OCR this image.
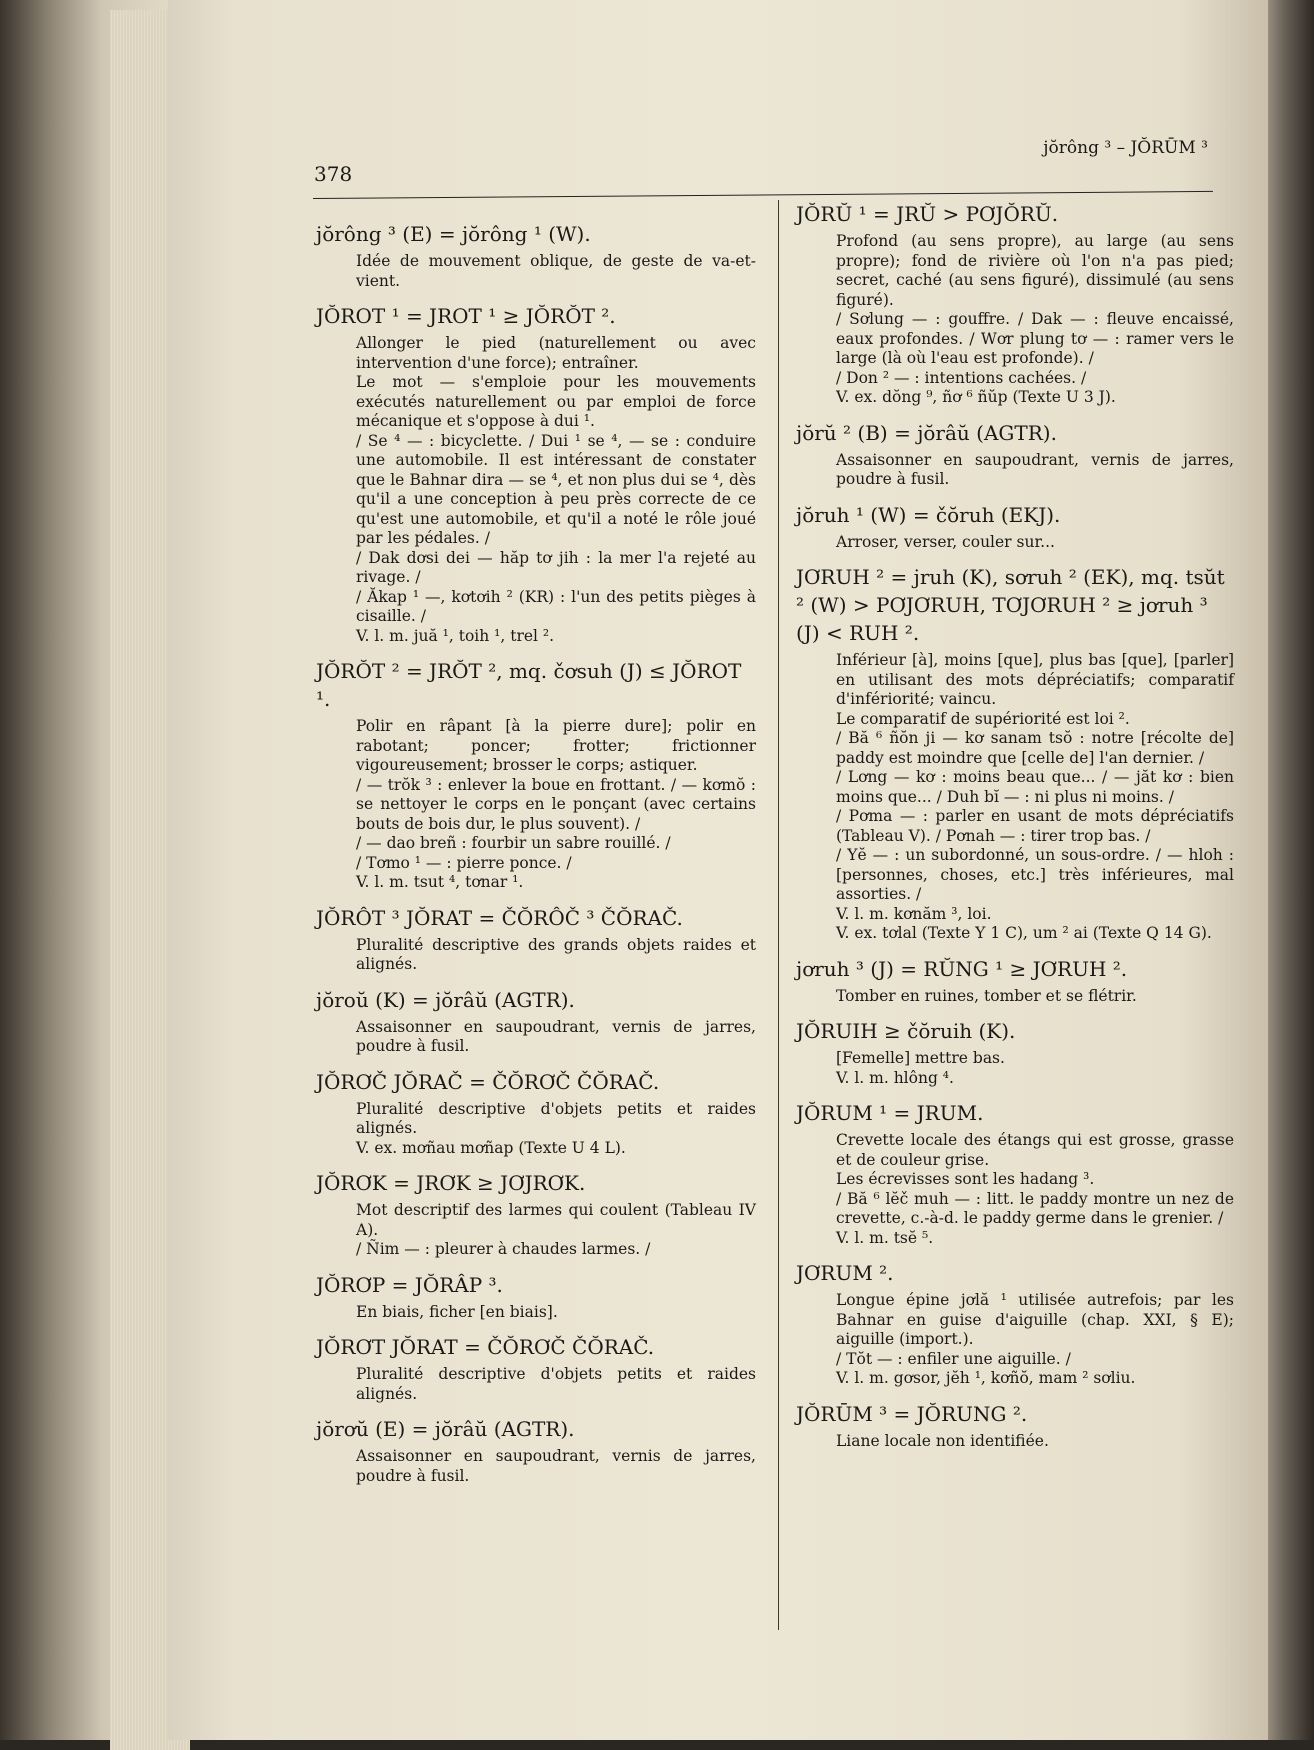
jŏrông ³ – JŎRŪM ³
378
jŏrông ³ (E) = jŏrông ¹ (W).
Idée de mouvement oblique, de geste de va-et-vient.
JŎROT ¹ = JROT ¹ ≥ JŎRŎT ².
Allonger le pied (naturellement ou avec intervention d'une force); entraîner.
Le mot — s'emploie pour les mouvements exécutés naturellement ou par emploi de force mécanique et s'oppose à dui ¹.
/ Se ⁴ — : bicyclette. / Dui ¹ se ⁴, — se : conduire une automobile. Il est intéressant de constater que le Bahnar dira — se ⁴, et non plus dui se ⁴, dès qu'il a une conception à peu près correcte de ce qu'est une automobile, et qu'il a noté le rôle joué par les pédales. /
/ Dak dơsi dei — hăp tơ jih : la mer l'a rejeté au rivage. /
/ Ăkap ¹ —, kơtơih ² (KR) : l'un des petits pièges à cisaille. /
V. l. m. juă ¹, toih ¹, trel ².
JŎRŎT ² = JRŎT ², mq. čơsuh (J) ≤ JŎROT ¹.
Polir en râpant [à la pierre dure]; polir en rabotant; poncer; frotter; frictionner vigoureusement; brosser le corps; astiquer.
/ — trŏk ³ : enlever la boue en frottant. / — kơmŏ : se nettoyer le corps en le ponçant (avec certains bouts de bois dur, le plus souvent). /
/ — dao breñ : fourbir un sabre rouillé. /
/ Tơmo ¹ — : pierre ponce. /
V. l. m. tsut ⁴, tơnar ¹.
JŎRÔT ³ JŎRAT = ČŎRÔČ ³ ČŎRAČ.
Pluralité descriptive des grands objets raides et alignés.
jŏroŭ (K) = jŏrâŭ (AGTR).
Assaisonner en saupoudrant, vernis de jarres, poudre à fusil.
JŎRƠČ JŎRAČ = ČŎRƠČ ČŎRAČ.
Pluralité descriptive d'objets petits et raides alignés.
V. ex. mơñau mơñap (Texte U 4 L).
JŎRƠK = JRƠK ≥ JƠJRƠK.
Mot descriptif des larmes qui coulent (Tableau IV A).
/ Ñim — : pleurer à chaudes larmes. /
JŎRƠP = JŎRÂP ³.
En biais, ficher [en biais].
JŎRƠT JŎRAT = ČŎRƠČ ČŎRAČ.
Pluralité descriptive d'objets petits et raides alignés.
jŏrơŭ (E) = jŏrâŭ (AGTR).
Assaisonner en saupoudrant, vernis de jarres, poudre à fusil.
JŎRŬ ¹ = JRŬ > PƠJŎRŬ.
Profond (au sens propre), au large (au sens propre); fond de rivière où l'on n'a pas pied; secret, caché (au sens figuré), dissimulé (au sens figuré).
/ Sơlung — : gouffre. / Dak — : fleuve encaissé, eaux profondes. / Wơr plung tơ — : ramer vers le large (là où l'eau est profonde). /
/ Don ² — : intentions cachées. /
V. ex. dŏng ⁹, ñơ ⁶ ñŭp (Texte U 3 J).
jŏrŭ ² (B) = jŏrâŭ (AGTR).
Assaisonner en saupoudrant, vernis de jarres, poudre à fusil.
jŏruh ¹ (W) = čŏruh (EKJ).
Arroser, verser, couler sur...
JƠRUH ² = jruh (K), sơruh ² (EK), mq. tsŭt ² (W) > PƠJƠRUH, TƠJƠRUH ² ≥ jơruh ³ (J) < RUH ².
Inférieur [à], moins [que], plus bas [que], [parler] en utilisant des mots dépréciatifs; comparatif d'infériorité; vaincu.
Le comparatif de supériorité est loi ².
/ Bă ⁶ ñŏn ji — kơ sanam tsŏ : notre [récolte de] paddy est moindre que [celle de] l'an dernier. /
/ Lơng — kơ : moins beau que... / — jăt kơ : bien moins que... / Duh bĭ — : ni plus ni moins. /
/ Pơma — : parler en usant de mots dépréciatifs (Tableau V). / Pơnah — : tirer trop bas. /
/ Yĕ — : un subordonné, un sous-ordre. / — hloh : [personnes, choses, etc.] très inférieures, mal assorties. /
V. l. m. kơnăm ³, loi.
V. ex. tơlal (Texte Y 1 C), um ² ai (Texte Q 14 G).
jơruh ³ (J) = RŬNG ¹ ≥ JƠRUH ².
Tomber en ruines, tomber et se flétrir.
JŎRUIH ≥ čŏruih (K).
[Femelle] mettre bas.
V. l. m. hlông ⁴.
JŎRUM ¹ = JRUM.
Crevette locale des étangs qui est grosse, grasse et de couleur grise.
Les écrevisses sont les hadang ³.
/ Bă ⁶ lĕč muh — : litt. le paddy montre un nez de crevette, c.-à-d. le paddy germe dans le grenier. /
V. l. m. tsĕ ⁵.
JƠRUM ².
Longue épine jơlă ¹ utilisée autrefois; par les Bahnar en guise d'aiguille (chap. XXI, § E); aiguille (import.).
/ Tŏt — : enfiler une aiguille. /
V. l. m. gơsor, jĕh ¹, kơñŏ, mam ² sơliu.
JŎRŪM ³ = JŎRUNG ².
Liane locale non identifiée.
